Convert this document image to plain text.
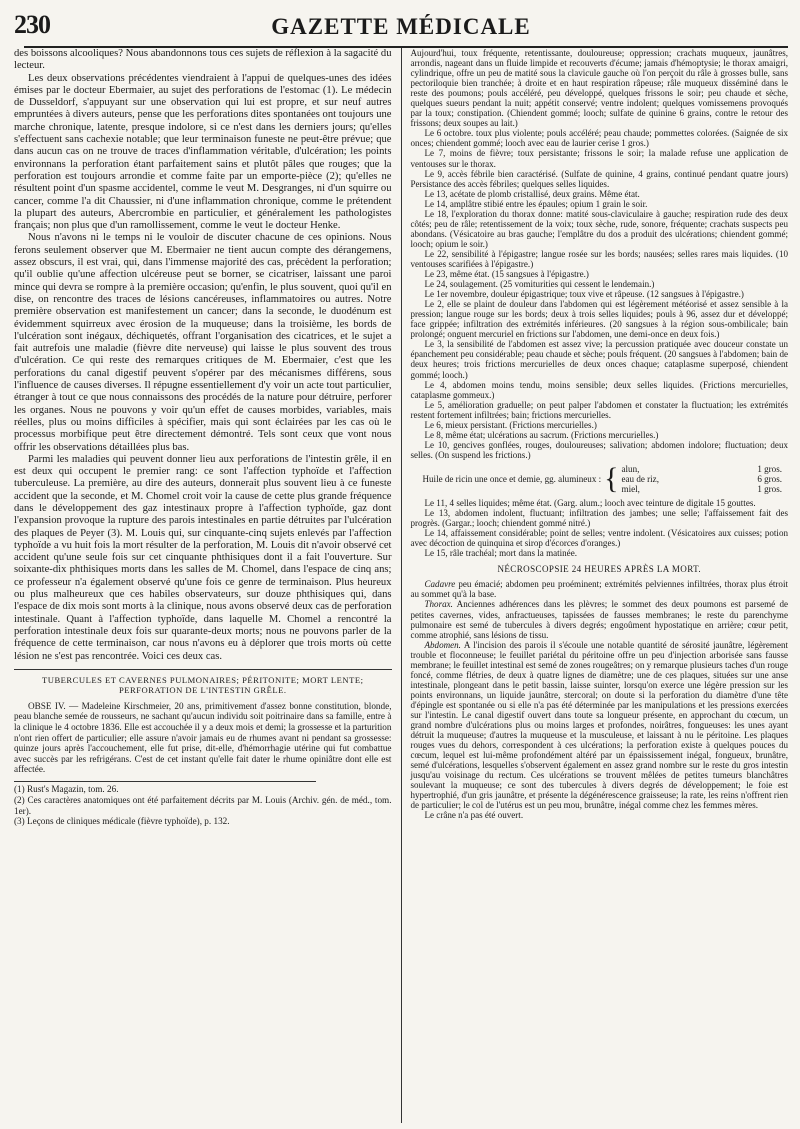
230	GAZETTE MÉDICALE

des boissons alcooliques? Nous abandonnons tous ces sujets de réflexion à la sagacité du lecteur.

Les deux observations précédentes viendraient à l'appui de quelques-unes des idées émises par le docteur Ebermaier, au sujet des perforations de l'estomac (1). Le médecin de Dusseldorf, s'appuyant sur une observation qui lui est propre, et sur neuf autres empruntées à divers auteurs, pense que les perforations dites spontanées ont toujours une marche chronique, latente, presque indolore, si ce n'est dans les derniers jours; qu'elles s'effectuent sans cachexie notable; que leur terminaison funeste ne peut-être prévue; que dans aucun cas on ne trouve de traces d'inflammation véritable, d'ulcération; les points environnans la perforation étant parfaitement sains et plutôt pâles que rouges; que la perforation est toujours arrondie et comme faite par un emporte-pièce (2); qu'elles ne résultent point d'un spasme accidentel, comme le veut M. Desgranges, ni d'un squirre ou cancer, comme l'a dit Chaussier, ni d'une inflammation chronique, comme le prétendent la plupart des auteurs, Abercrombie en particulier, et généralement les pathologistes français; non plus que d'un ramollissement, comme le veut le docteur Henke.

Nous n'avons ni le temps ni le vouloir de discuter chacune de ces opinions. Nous ferons seulement observer que M. Ebermaier ne tient aucun compte des dérangemens, assez obscurs, il est vrai, qui, dans l'immense majorité des cas, précèdent la perforation; qu'il oublie qu'une affection ulcéreuse peut se borner, se cicatriser, laissant une paroi mince qui devra se rompre à la première occasion; qu'enfin, le plus souvent, quoi qu'il en dise, on rencontre des traces de lésions cancéreuses, inflammatoires ou autres. Notre première observation est manifestement un cancer; dans la seconde, le duodénum est évidemment squirreux avec érosion de la muqueuse; dans la troisième, les bords de l'ulcération sont inégaux, déchiquetés, offrant l'organisation des cicatrices, et le sujet a fait autrefois une maladie (fièvre dite nerveuse) qui laisse le plus souvent des trous d'ulcération. Ce qui reste des remarques critiques de M. Ebermaier, c'est que les perforations du canal digestif peuvent s'opérer par des mécanismes différens, sous l'influence de causes diverses. Il répugne essentiellement d'y voir un acte tout particulier, étranger à tout ce que nous connaissons des procédés de la nature pour détruire, perforer les organes. Nous ne pouvons y voir qu'un effet de causes morbides, variables, mais réelles, plus ou moins difficiles à spécifier, mais qui sont éclairées par les cas où le processus morbifique peut être directement démontré. Tels sont ceux que vont nous offrir les observations détaillées plus bas.

Parmi les maladies qui peuvent donner lieu aux perforations de l'intestin grêle, il en est deux qui occupent le premier rang: ce sont l'affection typhoïde et l'affection tuberculeuse. La première, au dire des auteurs, donnerait plus souvent lieu à ce funeste accident que la seconde, et M. Chomel croit voir la cause de cette plus grande fréquence dans le développement des gaz intestinaux propre à l'affection typhoïde, gaz dont l'expansion provoque la rupture des parois intestinales en partie détruites par l'ulcération des plaques de Peyer (3). M. Louis qui, sur cinquante-cinq sujets enlevés par l'affection typhoïde a vu huit fois la mort résulter de la perforation, M. Louis dit n'avoir observé cet accident qu'une seule fois sur cet cinquante phthisiques dont il a fait l'ouverture. Sur soixante-dix phthisiques morts dans les salles de M. Chomel, dans l'espace de cinq ans; ce professeur n'a également observé qu'une fois ce genre de terminaison. Plus heureux ou plus malheureux que ces habiles observateurs, sur douze phthisiques qui, dans l'espace de dix mois sont morts à la clinique, nous avons observé deux cas de perforation intestinale. Quant à l'affection typhoïde, dans laquelle M. Chomel a rencontré la perforation intestinale deux fois sur quarante-deux morts; nous ne pouvons parler de la fréquence de cette terminaison, car nous n'avons eu à déplorer que trois morts où cette lésion ne s'est pas rencontrée. Voici ces deux cas.

TUBERCULES ET CAVERNES PULMONAIRES; PÉRITONITE; MORT LENTE; PERFORATION DE L'INTESTIN GRÊLE.

OBSE IV. — Madeleine Kirschmeier, 20 ans, primitivement d'assez bonne constitution, blonde, peau blanche semée de rousseurs, ne sachant qu'aucun individu soit poitrinaire dans sa famille, entre à la clinique le 4 octobre 1836. Elle est accouchée il y a deux mois et demi; la grossesse et la parturition n'ont rien offert de particulier; elle assure n'avoir jamais eu de rhumes avant ni pendant sa grossesse: quinze jours après l'accouchement, elle fut prise, dit-elle, d'hémorrhagie utérine qui fut combattue avec succès par les refrigérans. C'est de cet instant qu'elle fait dater le rhume opiniâtre dont elle est affectée.

(1) Rust's Magazin, tom. 26.

(2) Ces caractères anatomiques ont été parfaitement décrits par M. Louis (Archiv. gén. de méd., tom. 1er).

(3) Leçons de cliniques médicale (fièvre typhoïde), p. 132.

Aujourd'hui, toux fréquente, retentissante, douloureuse; oppression; crachats muqueux, jaunâtres, arrondis, nageant dans un fluide limpide et recouverts d'écume; jamais d'hémoptysie; le thorax amaigri, cylindrique, offre un peu de matité sous la clavicule gauche où l'on perçoit du râle à grosses bulle, sans pectoriloquie bien tranchée; à droite et en haut respiration râpeuse; râle muqueux disséminé dans le reste des poumons; pouls accéléré, peu développé, quelques frissons le soir; peu chaude et sèche, quelques sueurs pendant la nuit; appétit conservé; ventre indolent; quelques vomissemens provoqués par la toux; constipation. (Chiendent gommé; looch; sulfate de quinine 6 grains, contre le retour des frissons; deux soupes au lait.)

Le 6 octobre. toux plus violente; pouls accéléré; peau chaude; pommettes colorées. (Saignée de six onces; chiendent gommé; looch avec eau de laurier cerise 1 gros.)

Le 7, moins de fièvre; toux persistante; frissons le soir; la malade refuse une application de ventouses sur le thorax.

Le 9, accès fébrile bien caractérisé. (Sulfate de quinine, 4 grains, continué pendant quatre jours) Persistance des accès fébriles; quelques selles liquides.

Le 13, acétate de plomb cristallisé, deux grains. Même état.

Le 14, amplâtre stibié entre les épaules; opium 1 grain le soir.

Le 18, l'exploration du thorax donne: matité sous-claviculaire à gauche; respiration rude des deux côtés; peu de râle; retentissement de la voix; toux sèche, rude, sonore, fréquente; crachats suspects peu abondans. (Vésicatoire au bras gauche; l'emplâtre du dos a produit des ulcérations; chiendent gommé; looch; opium le soir.)

Le 22, sensibilité à l'épigastre; langue rosée sur les bords; nausées; selles rares mais liquides. (10 ventouses scarifiées à l'épigastre.)

Le 23, même état. (15 sangsues à l'épigastre.)

Le 24, soulagement. (25 vomiturities qui cessent le lendemain.)

Le 1er novembre, douleur épigastrique; toux vive et râpeuse. (12 sangsues à l'épigastre.)

Le 2, elle se plaint de douleur dans l'abdomen qui est légèrement météorisé et assez sensible à la pression; langue rouge sur les bords; deux à trois selles liquides; pouls à 96, assez dur et développé; face grippée; infiltration des extrémités inférieures. (20 sangsues à la région sous-ombilicale; bain prolongé; onguent mercuriel en frictions sur l'abdomen, une demi-once en deux fois.)

Le 3, la sensibilité de l'abdomen est assez vive; la percussion pratiquée avec douceur constate un épanchement peu considérable; peau chaude et sèche; pouls fréquent. (20 sangsues à l'abdomen; bain de deux heures; trois frictions mercurielles de deux onces chaque; cataplasme superposé, chiendent gommé; looch.)

Le 4, abdomen moins tendu, moins sensible; deux selles liquides. (Frictions mercurielles, cataplasme gommeux.)

Le 5, amélioration graduelle; on peut palper l'abdomen et constater la fluctuation; les extrémités restent fortement infiltrées; bain; frictions mercurielles.

Le 6, mieux persistant. (Frictions mercurielles.)

Le 8, même état; ulcérations au sacrum. (Frictions mercurielles.)

Le 10, gencives gonflées, rouges, douloureuses; salivation; abdomen indolore; fluctuation; deux selles. (On suspend les frictions.)

Huile de ricin une once et demie, gg. alumineux : { alun,	1 gros.
eau de riz,	6 gros.
miel,	1 gros.

Le 11, 4 selles liquides; même état. (Garg. alum.; looch avec teinture de digitale 15 gouttes.

Le 13, abdomen indolent, fluctuant; infiltration des jambes; une selle; l'affaissement fait des progrès. (Gargar.; looch; chiendent gommé nitré.)

Le 14, affaissement considérable; point de selles; ventre indolent. (Vésicatoires aux cuisses; potion avec décoction de quinquina et sirop d'écorces d'oranges.)

Le 15, râle trachéal; mort dans la matinée.

NÉCROSCOPSIE 24 HEURES APRÈS LA MORT.

Cadavre peu émacié; abdomen peu proéminent; extrémités pelviennes infiltrées, thorax plus étroit au sommet qu'à la base.

Thorax. Anciennes adhérences dans les plèvres; le sommet des deux poumons est parsemé de petites cavernes, vides, anfractueuses, tapissées de fausses membranes; le reste du parenchyme pulmonaire est semé de tubercules à divers degrés; engoûment hypostatique en arrière; cœur petit, comme atrophié, sans lésions de tissu.

Abdomen. A l'incision des parois il s'écoule une notable quantité de sérosité jaunâtre, légèrement trouble et floconneuse; le feuillet pariétal du péritoine offre un peu d'injection arborisée sans fausse membrane; le feuillet intestinal est semé de zones rougeâtres; on y remarque plusieurs taches d'un rouge foncé, comme flétries, de deux à quatre lignes de diamètre; une de ces plaques, situées sur une anse intestinale, plongeant dans le petit bassin, laisse suinter, lorsqu'on exerce une légère pression sur les points environnans, un liquide jaunâtre, stercoral; on doute si la perforation du diamètre d'une tête d'épingle est spontanée ou si elle n'a pas été déterminée par les manipulations et les pressions exercées sur l'intestin. Le canal digestif ouvert dans toute sa longueur présente, en approchant du cœcum, un grand nombre d'ulcérations plus ou moins larges et profondes, noirâtres, fongueuses: les unes ayant détruit la muqueuse; d'autres la muqueuse et la musculeuse, et laissant à nu le péritoine. Les plaques rouges vues du dehors, correspondent à ces ulcérations; la perforation existe à quelques pouces du cœcum, lequel est lui-même profondément altéré par un épaississement inégal, fongueux, brunâtre, semé d'ulcérations, lesquelles s'observent également en assez grand nombre sur le reste du gros intestin jusqu'au voisinage du rectum. Ces ulcérations se trouvent mêlées de petites tumeurs blanchâtres soulevant la muqueuse; ce sont des tubercules à divers degrés de développement; le foie est hypertrophié, d'un gris jaunâtre, et présente la dégénérescence graisseuse; la rate, les reins n'offrent rien de particulier; le col de l'utérus est un peu mou, brunâtre, inégal comme chez les femmes mères.

Le crâne n'a pas été ouvert.
